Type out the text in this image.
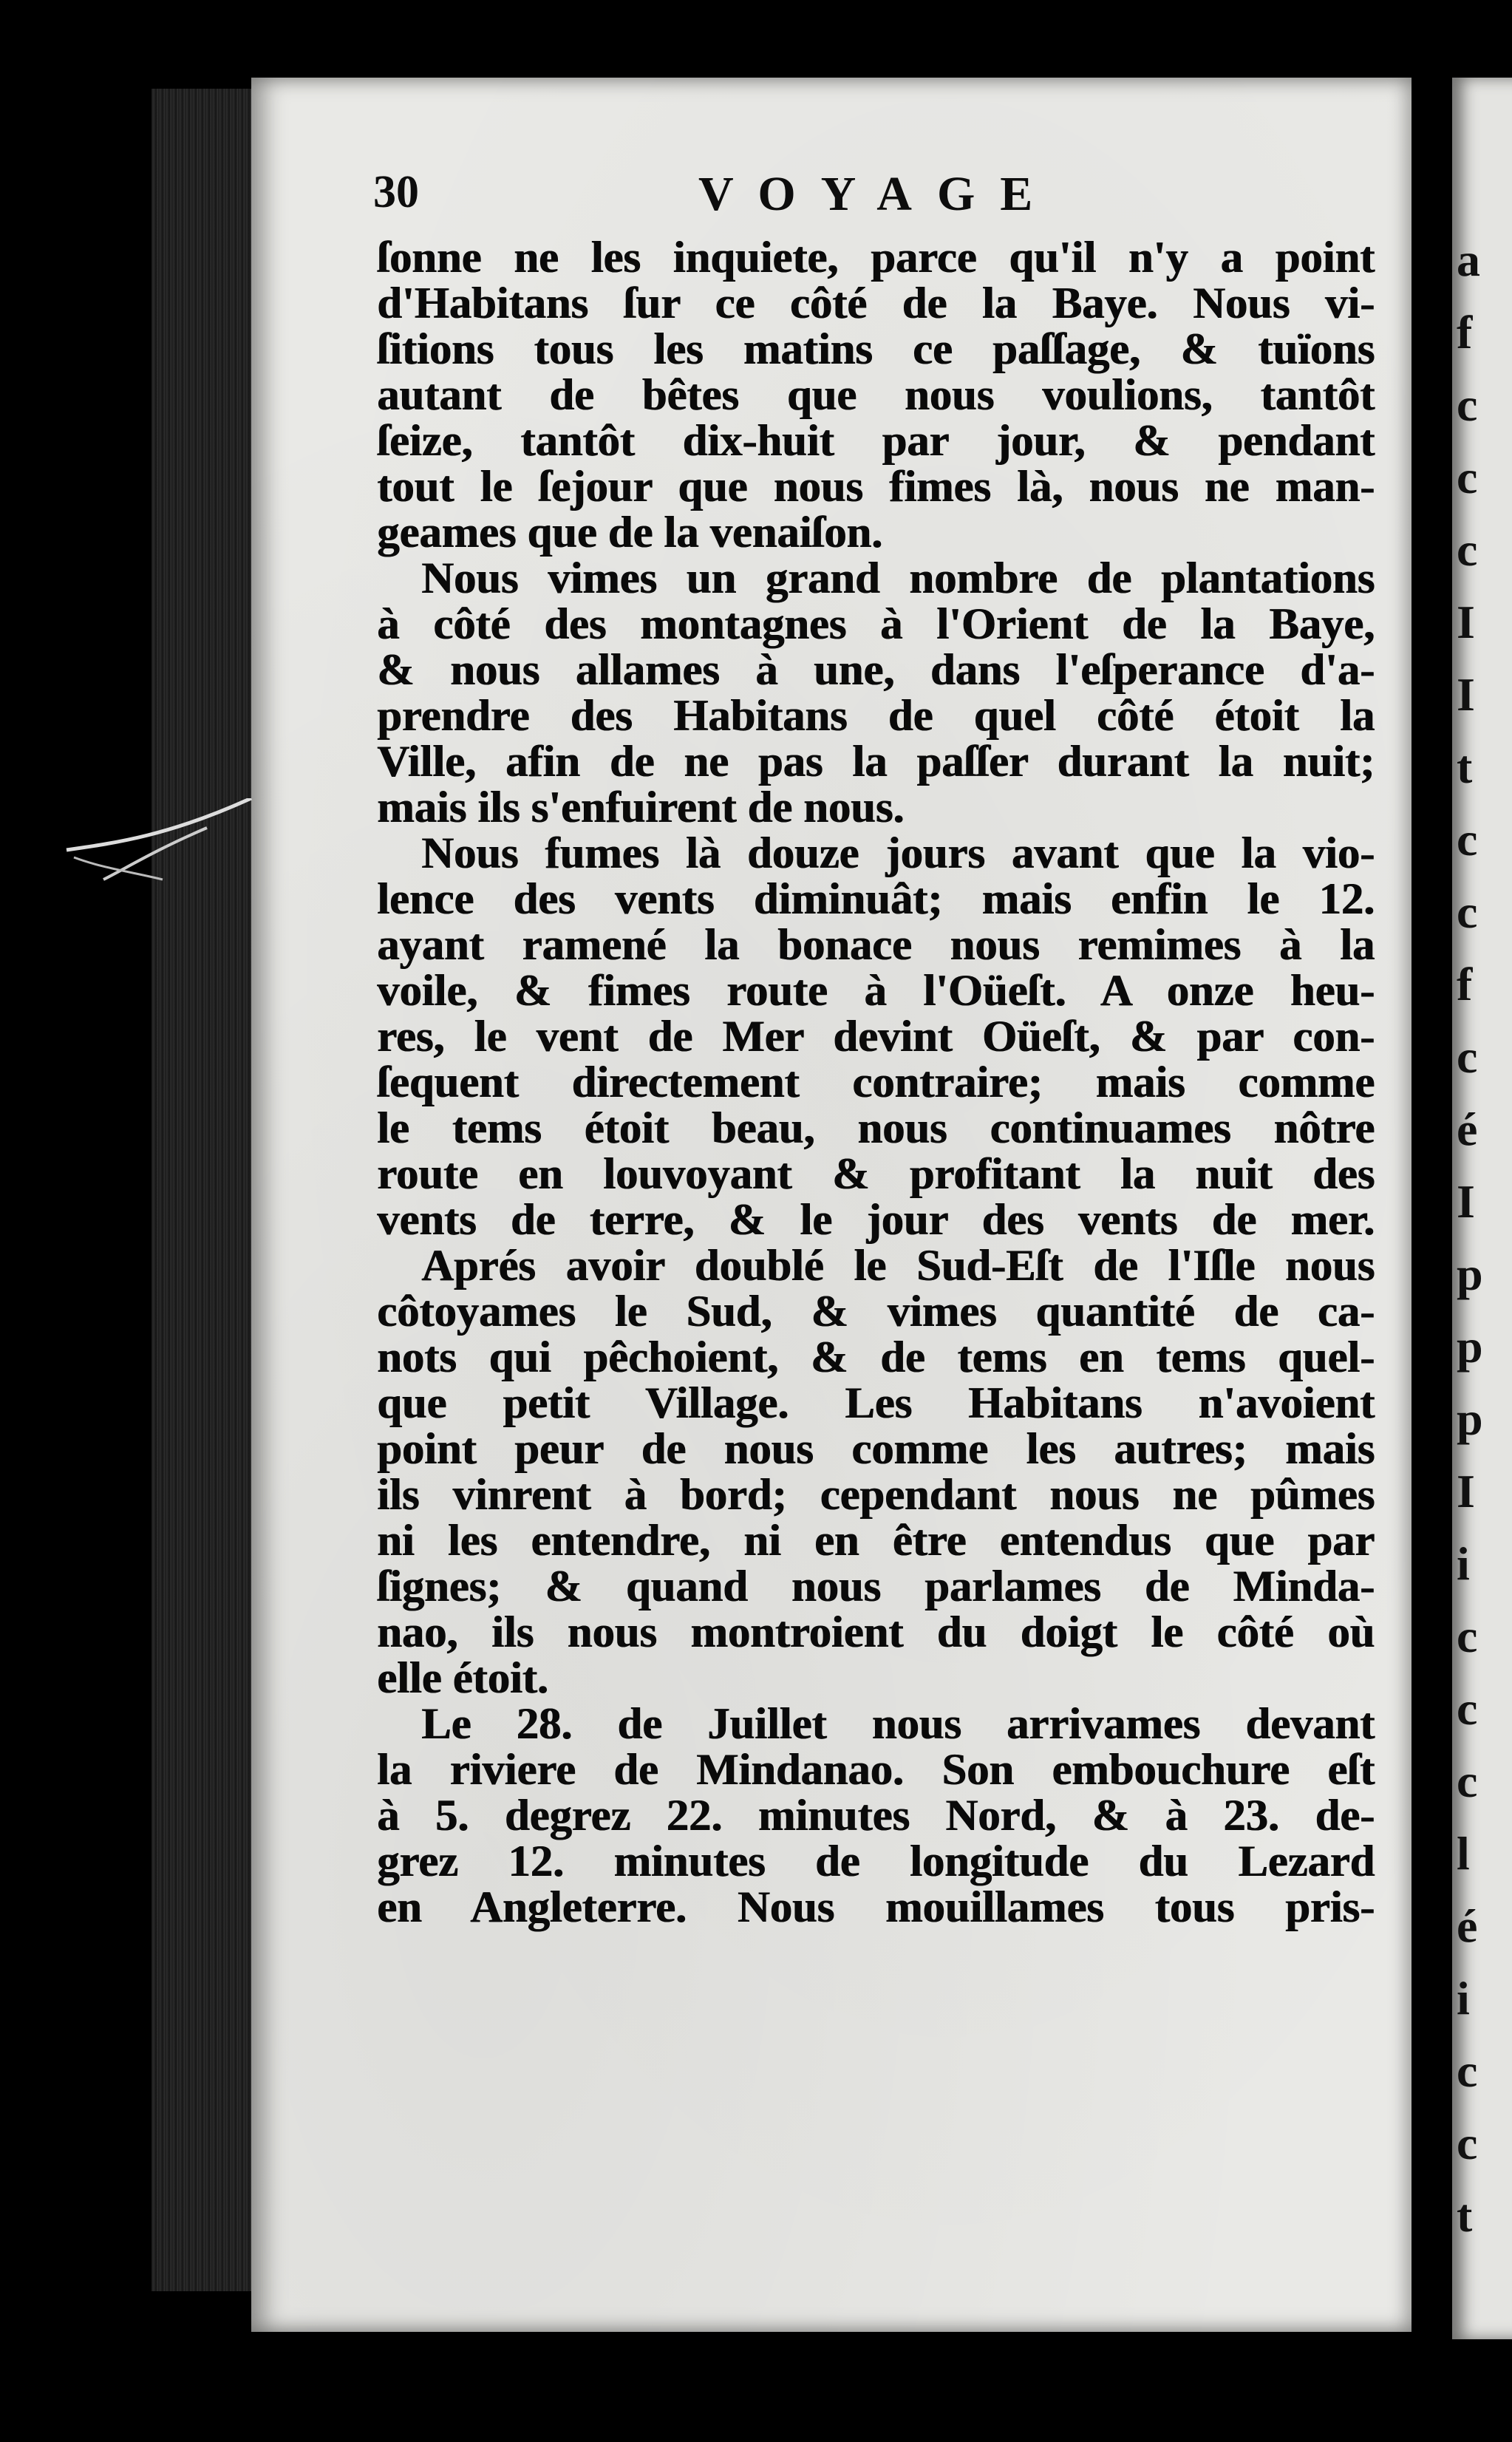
a
f
c
c
c
I
I
t
c
c
f
c
é
I
p
p
p
I
i
c
c
c
l
é
i
c
c
t
30	VOYAGE
ſonne ne les inquiete, parce qu'il n'y a point
d'Habitans ſur ce côté de la Baye. Nous vi-
ſitions tous les matins ce paſſage, & tuïons
autant de bêtes que nous voulions, tantôt
ſeize, tantôt dix-huit par jour, & pendant
tout le ſejour que nous fimes là, nous ne man-
geames que de la venaiſon.
Nous vimes un grand nombre de plantations
à côté des montagnes à l'Orient de la Baye,
& nous allames à une, dans l'eſperance d'a-
prendre des Habitans de quel côté étoit la
Ville, afin de ne pas la paſſer durant la nuit;
mais ils s'enfuirent de nous.
Nous fumes là douze jours avant que la vio-
lence des vents diminuât; mais enfin le 12.
ayant ramené la bonace nous remimes à la
voile, & fimes route à l'Oüeſt. A onze heu-
res, le vent de Mer devint Oüeſt, & par con-
ſequent directement contraire; mais comme
le tems étoit beau, nous continuames nôtre
route en louvoyant & profitant la nuit des
vents de terre, & le jour des vents de mer.
Aprés avoir doublé le Sud-Eſt de l'Iſle nous
côtoyames le Sud, & vimes quantité de ca-
nots qui pêchoient, & de tems en tems quel-
que petit Village. Les Habitans n'avoient
point peur de nous comme les autres; mais
ils vinrent à bord; cependant nous ne pûmes
ni les entendre, ni en être entendus que par
ſignes; & quand nous parlames de Minda-
nao, ils nous montroient du doigt le côté où
elle étoit.
Le 28. de Juillet nous arrivames devant
la riviere de Mindanao. Son embouchure eſt
à 5. degrez 22. minutes Nord, & à 23. de-
grez 12. minutes de longitude du Lezard
en Angleterre. Nous mouillames tous pris-
